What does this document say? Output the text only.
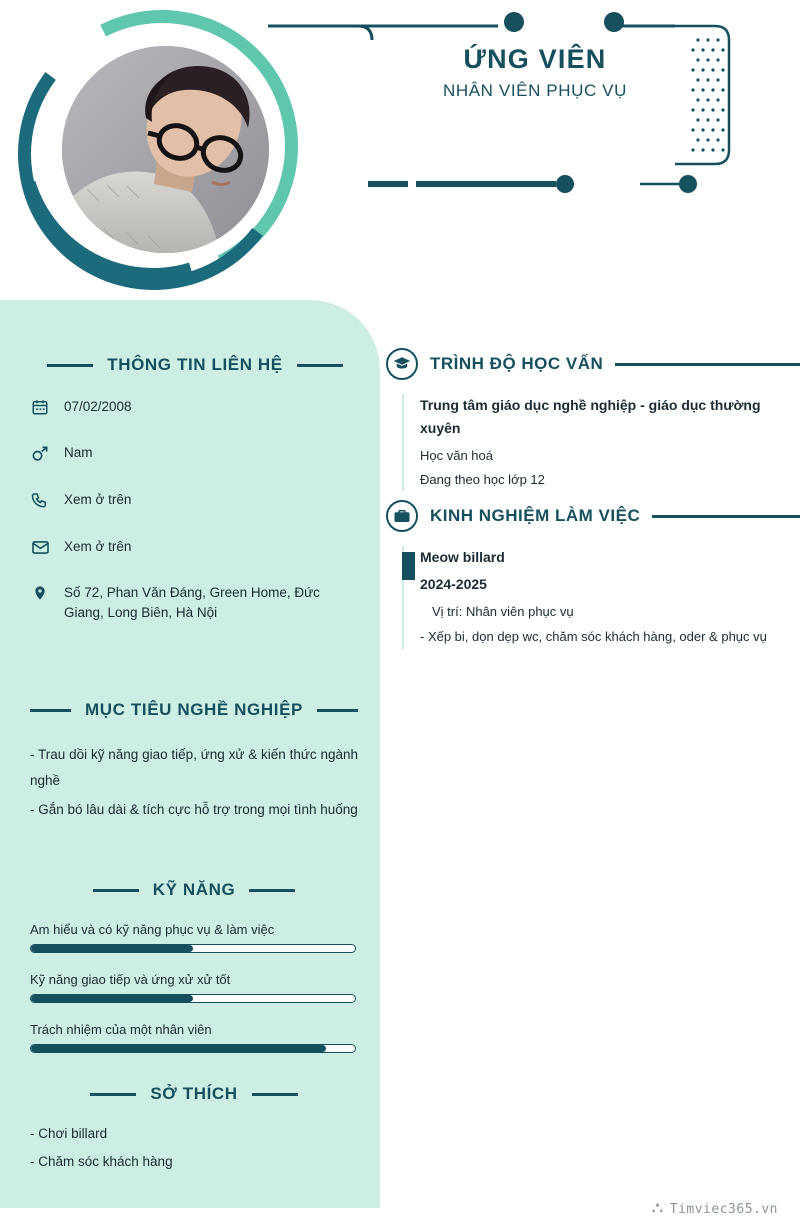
ỨNG VIÊN
NHÂN VIÊN PHỤC VỤ
THÔNG TIN LIÊN HỆ
07/02/2008
Nam
Xem ở trên
Xem ở trên
Số 72, Phan Văn Đáng, Green Home, Đức Giang, Long Biên, Hà Nội
MỤC TIÊU NGHỀ NGHIỆP

- Trau dồi kỹ năng giao tiếp, ứng xử & kiến thức ngành nghề

- Gắn bó lâu dài & tích cực hỗ trợ trong mọi tình huống

KỸ NĂNG
Am hiểu và có kỹ năng phục vụ & làm việc
Kỹ năng giao tiếp và ứng xử xử tốt
Trách nhiệm của một nhân viên
SỞ THÍCH
- Chơi billard
- Chăm sóc khách hàng
TRÌNH ĐỘ HỌC VẤN
Trung tâm giáo dục nghề nghiệp - giáo dục thường xuyên
Học văn hoá
Đang theo học lớp 12
KINH NGHIỆM LÀM VIỆC
Meow billard
2024-2025
Vị trí: Nhân viên phục vụ
- Xếp bi, dọn dẹp wc, chăm sóc khách hàng, oder & phục vụ
Timviec365.vn
